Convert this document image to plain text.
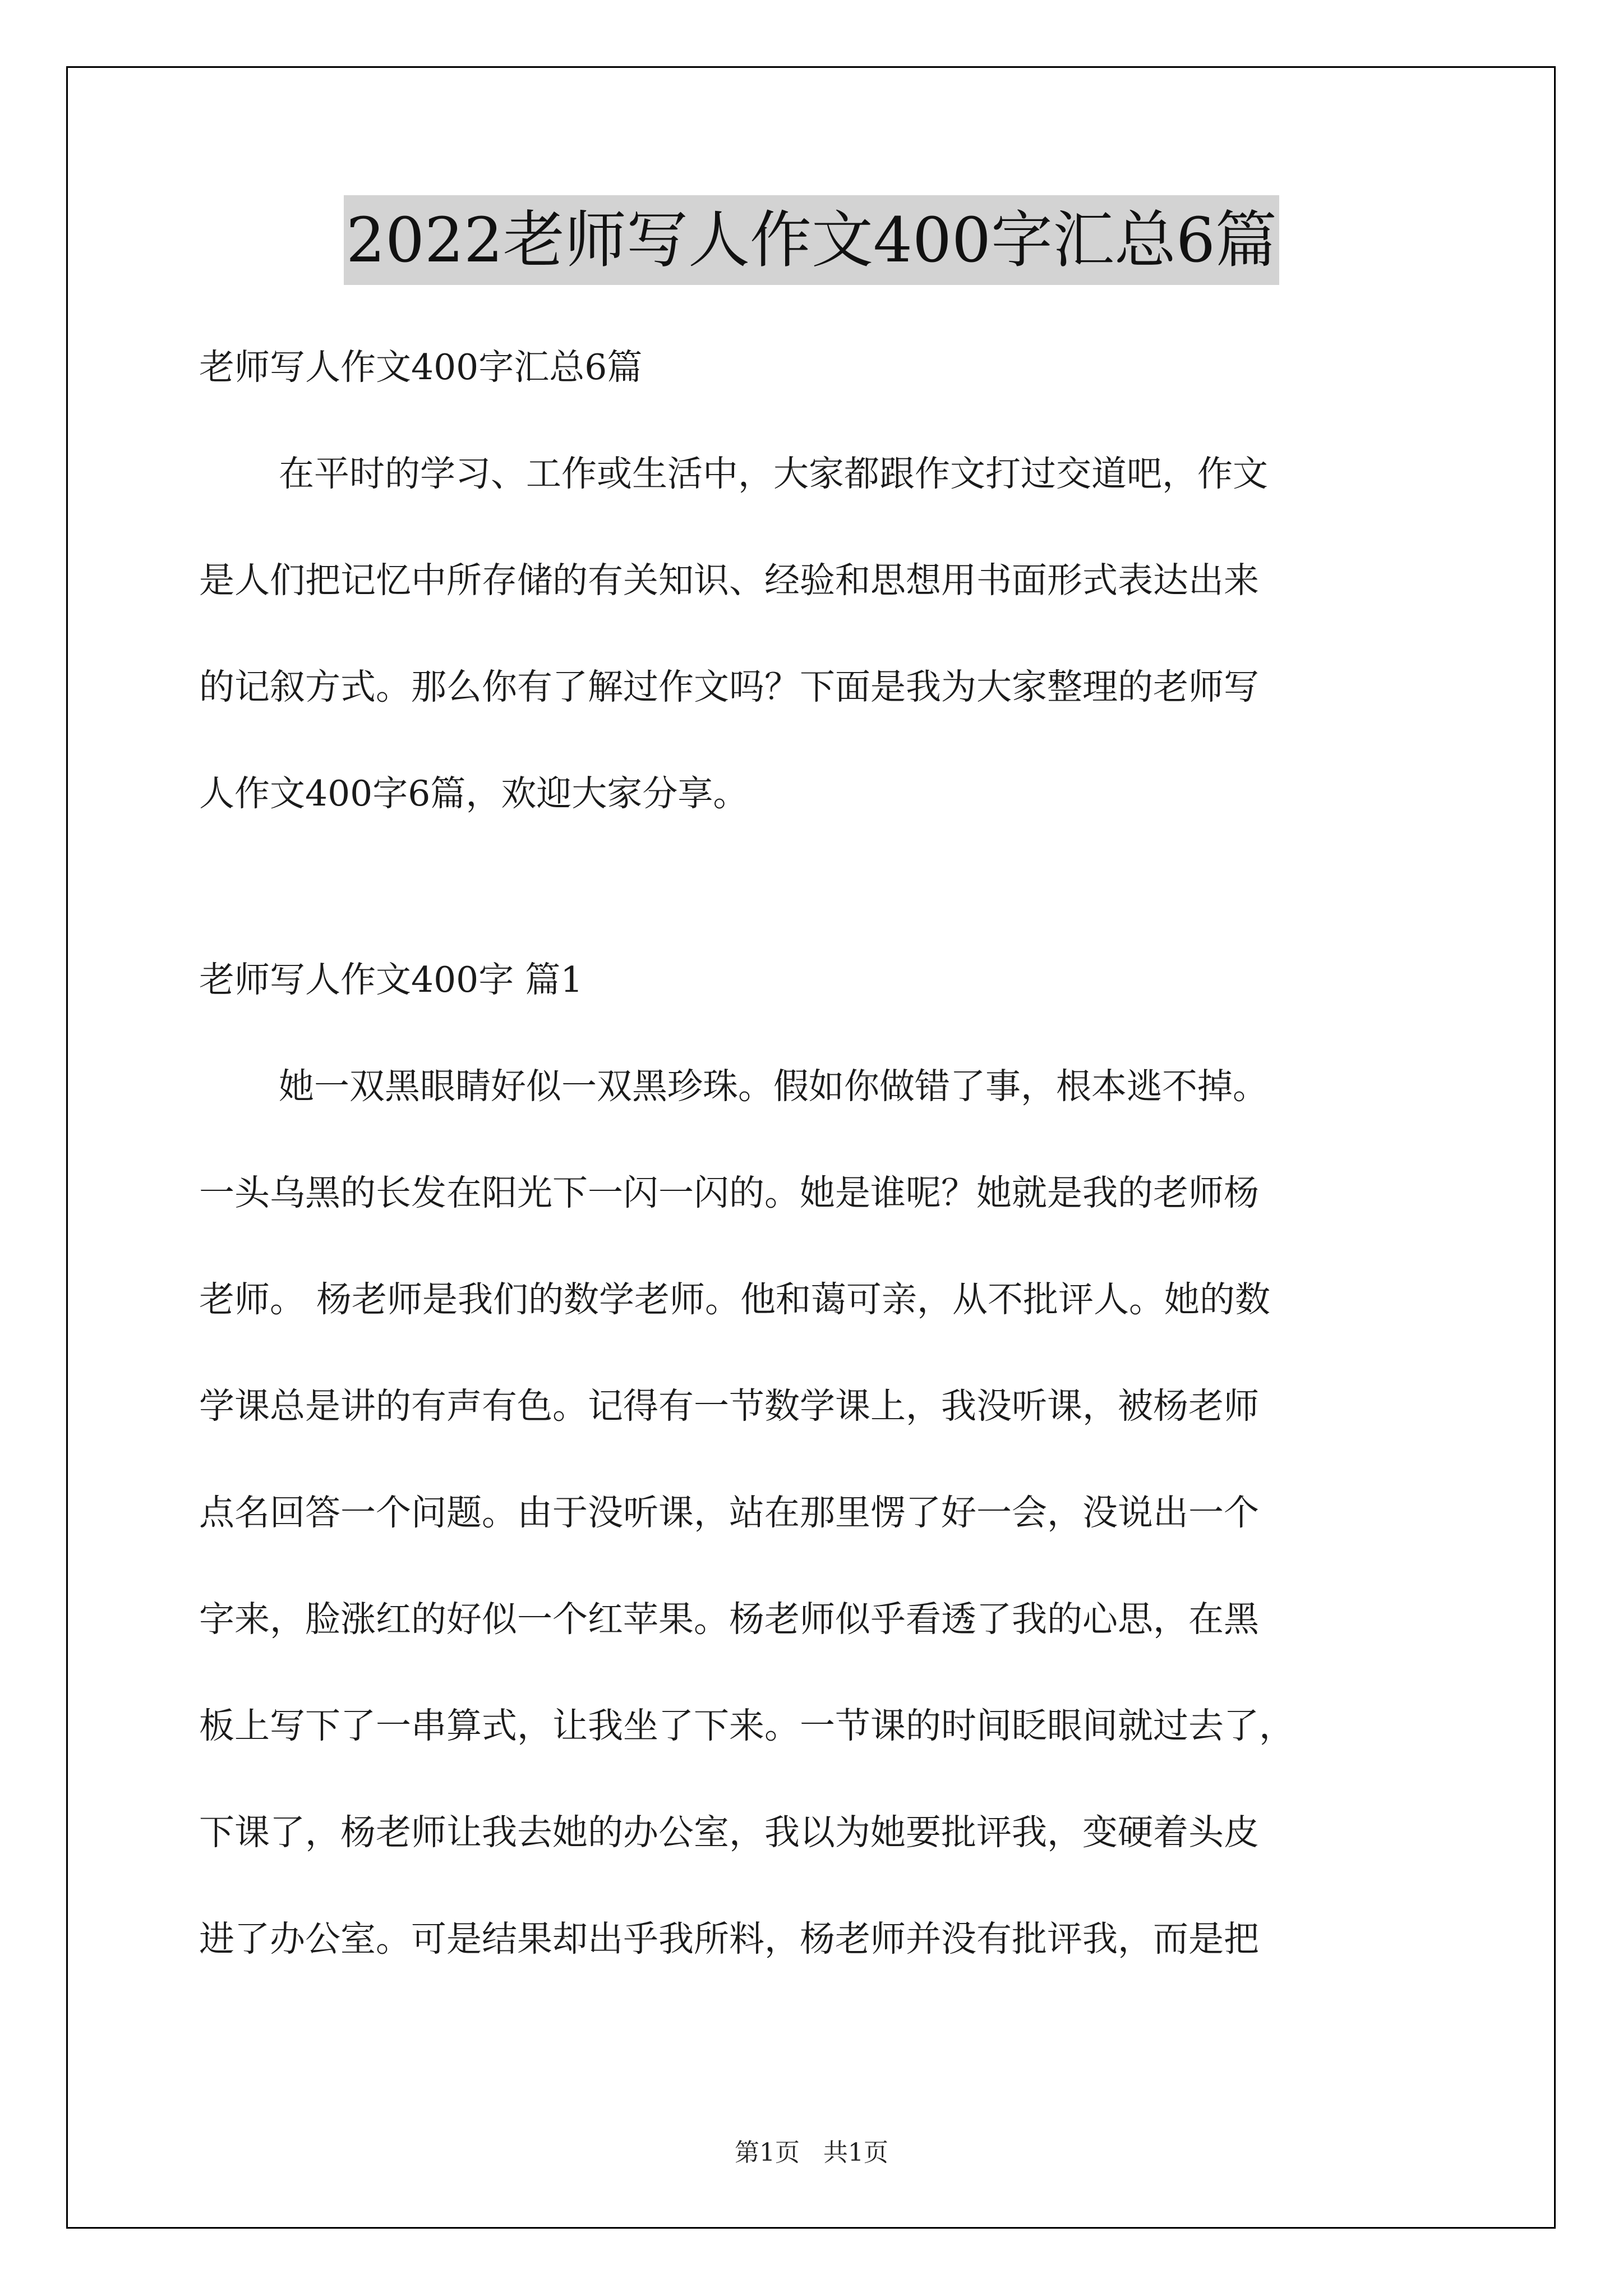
2022老师写人作文400字汇总6篇
老师写人作文400字汇总6篇
在平时的学习、工作或生活中，大家都跟作文打过交道吧，作文
是人们把记忆中所存储的有关知识、经验和思想用书面形式表达出来
的记叙方式。那么你有了解过作文吗？下面是我为大家整理的老师写
人作文400字6篇，欢迎大家分享。
老师写人作文400字 篇1
她一双黑眼睛好似一双黑珍珠。假如你做错了事，根本逃不掉。
一头乌黑的长发在阳光下一闪一闪的。她是谁呢？她就是我的老师杨
老师。 杨老师是我们的数学老师。他和蔼可亲，从不批评人。她的数
学课总是讲的有声有色。记得有一节数学课上，我没听课，被杨老师
点名回答一个问题。由于没听课，站在那里愣了好一会，没说出一个
字来，脸涨红的好似一个红苹果。杨老师似乎看透了我的心思，在黑
板上写下了一串算式，让我坐了下来。一节课的时间眨眼间就过去了，
下课了，杨老师让我去她的办公室，我以为她要批评我，变硬着头皮
进了办公室。可是结果却出乎我所料，杨老师并没有批评我，而是把
第1页   共1页
